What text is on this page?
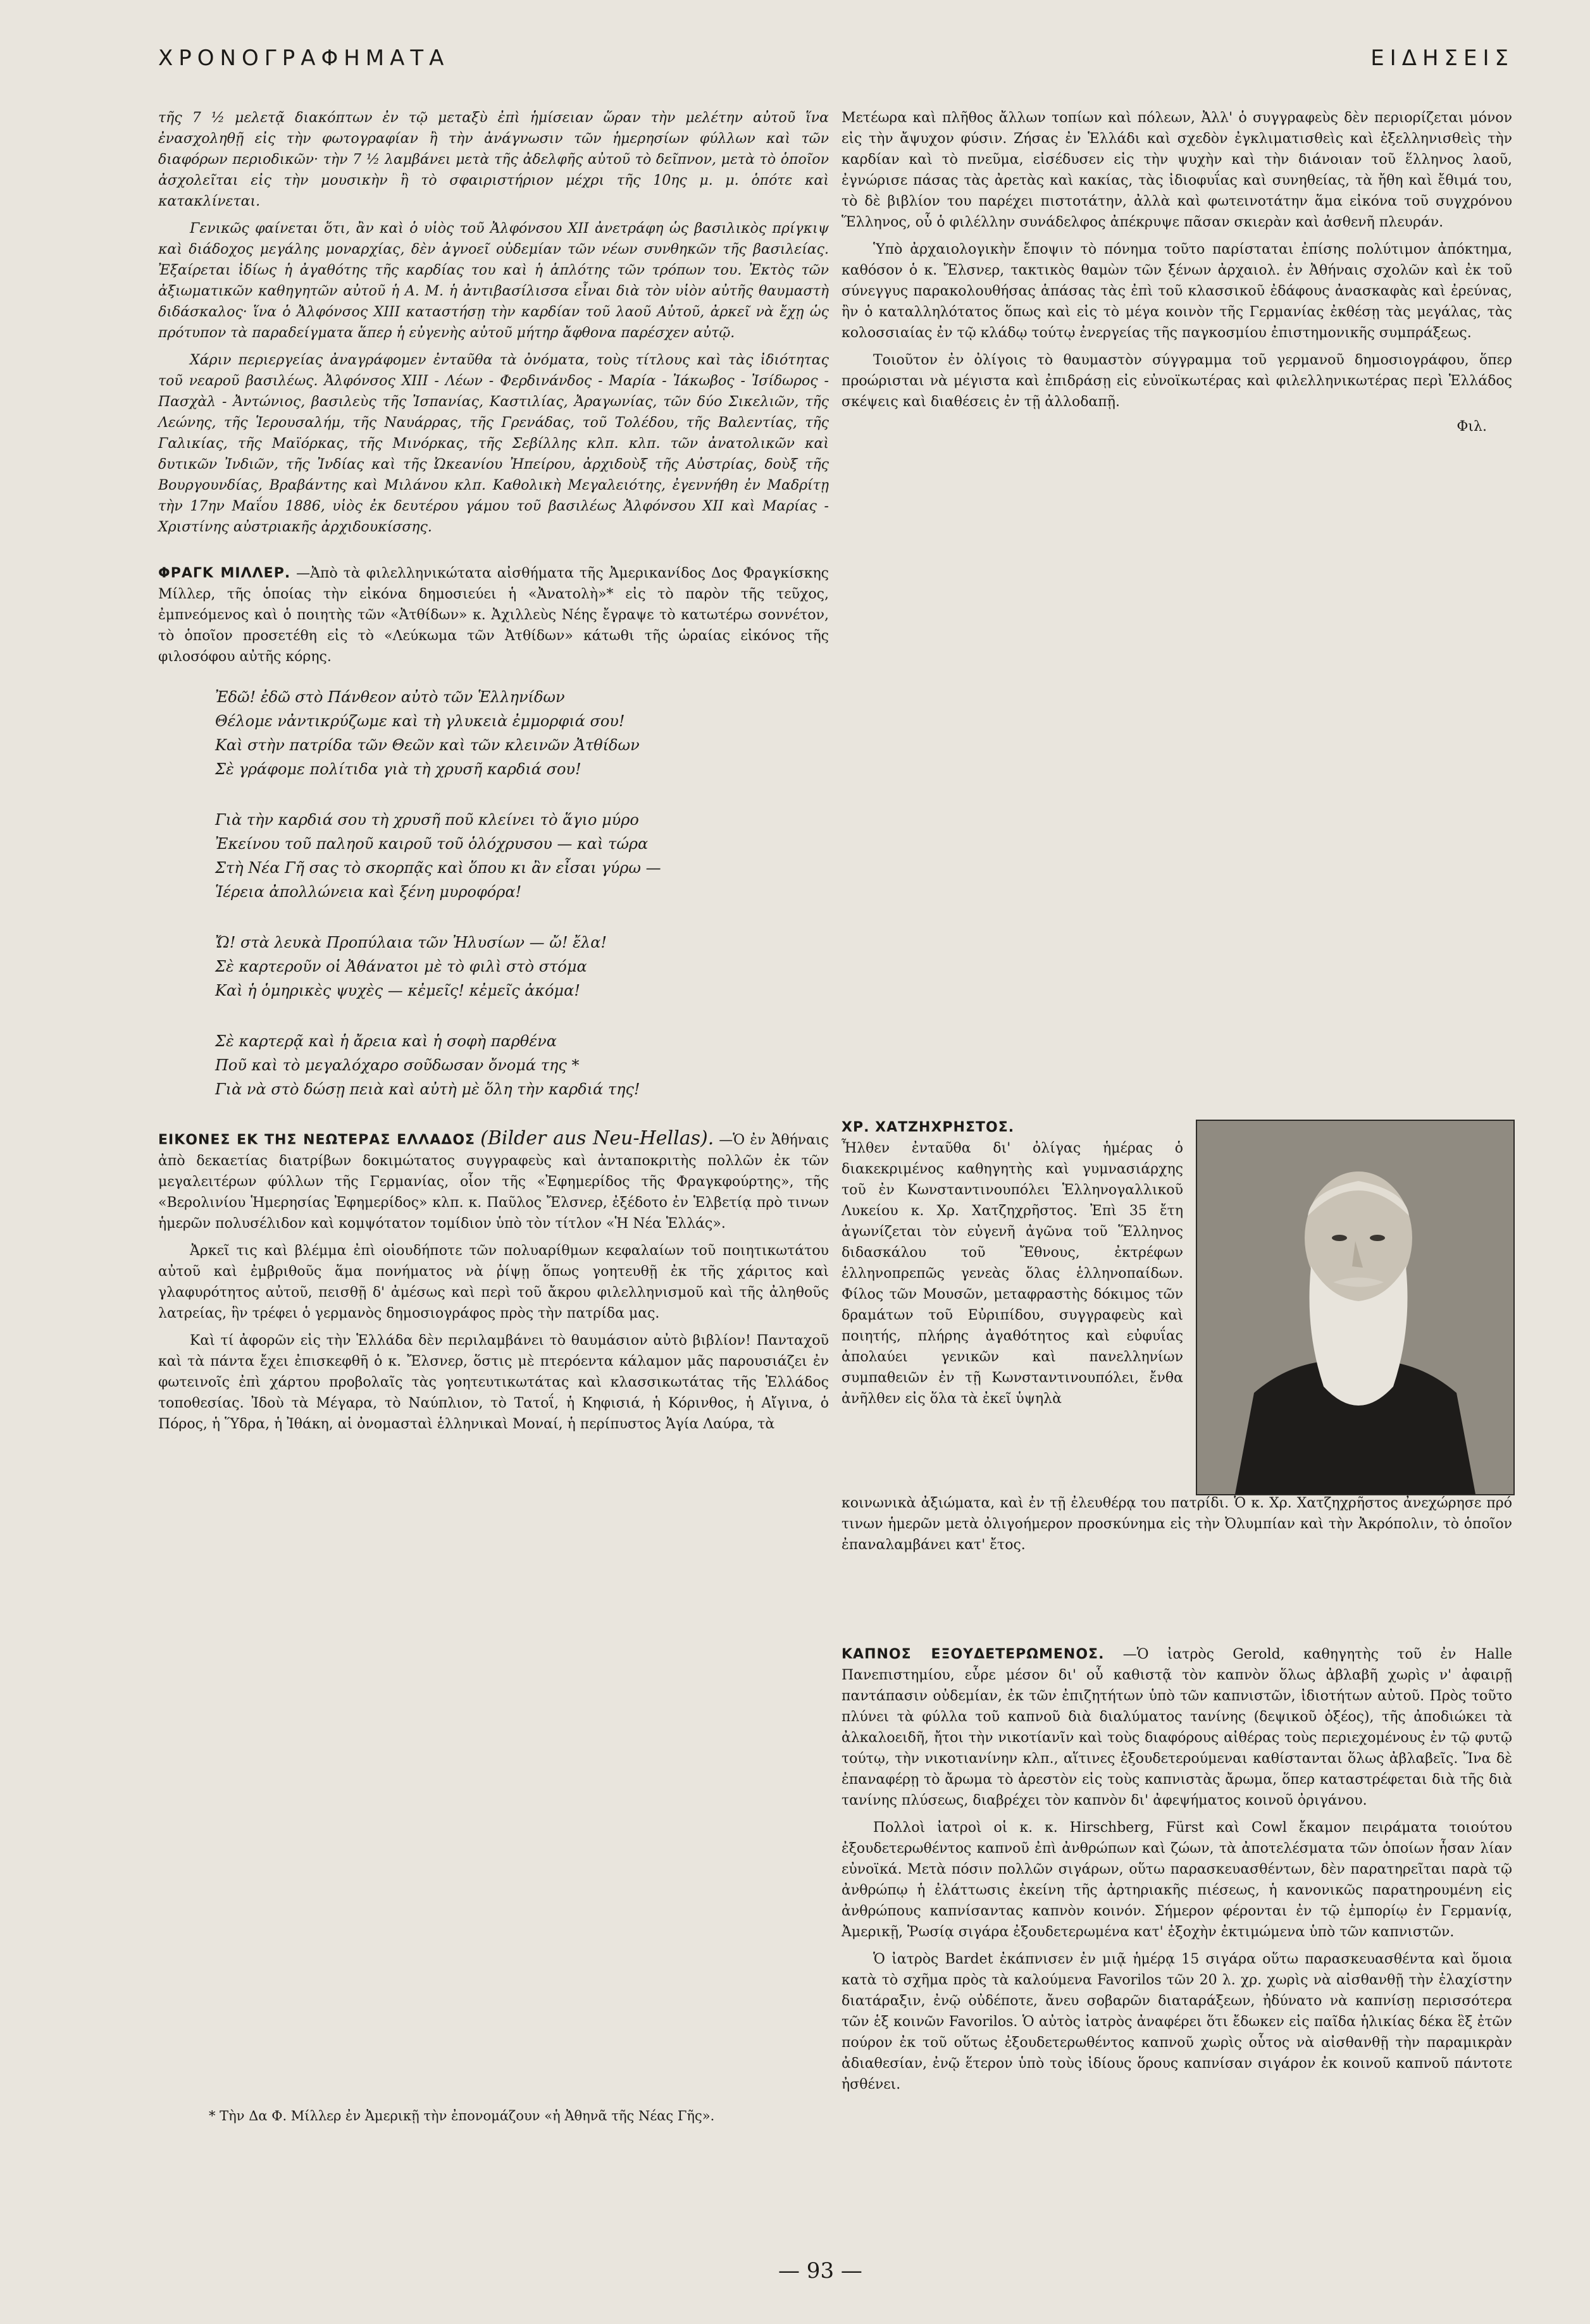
ΧΡΟΝΟΓΡΑΦΗΜΑΤΑ	ΕΙΔΗΣΕΙΣ

τῆς 7 ½ μελετᾷ διακόπτων ἐν τῷ μεταξὺ ἐπὶ ἡμίσειαν ὥραν τὴν μελέτην αὐτοῦ ἵνα ἐνασχοληθῇ εἰς τὴν φωτογραφίαν ἢ τὴν ἀνάγνωσιν τῶν ἡμερησίων φύλλων καὶ τῶν διαφόρων περιοδικῶν· τὴν 7 ½ λαμβάνει μετὰ τῆς ἀδελφῆς αὐτοῦ τὸ δεῖπνον, μετὰ τὸ ὁποῖον ἀσχολεῖται εἰς τὴν μουσικὴν ἢ τὸ σφαιριστήριον μέχρι τῆς 10ης μ. μ. ὁπότε καὶ κατακλίνεται.

Γενικῶς φαίνεται ὅτι, ἂν καὶ ὁ υἱὸς τοῦ Ἀλφόνσου XII ἀνετράφη ὡς βασιλικὸς πρίγκιψ καὶ διάδοχος μεγάλης μοναρχίας, δὲν ἀγνοεῖ οὐδεμίαν τῶν νέων συνθηκῶν τῆς βασιλείας. Ἐξαίρεται ἰδίως ἡ ἀγαθότης τῆς καρδίας του καὶ ἡ ἁπλότης τῶν τρόπων του. Ἐκτὸς τῶν ἀξιωματικῶν καθηγητῶν αὐτοῦ ἡ Α. Μ. ἡ ἀντιβασίλισσα εἶναι διὰ τὸν υἱὸν αὐτῆς θαυμαστὴ διδάσκαλος· ἵνα ὁ Ἀλφόνσος XIII καταστήσῃ τὴν καρδίαν τοῦ λαοῦ Αὐτοῦ, ἀρκεῖ νὰ ἔχῃ ὡς πρότυπον τὰ παραδείγματα ἅπερ ἡ εὐγενὴς αὐτοῦ μήτηρ ἄφθονα παρέσχεν αὐτῷ.

Χάριν περιεργείας ἀναγράφομεν ἐνταῦθα τὰ ὀνόματα, τοὺς τίτλους καὶ τὰς ἰδιότητας τοῦ νεαροῦ βασιλέως. Ἀλφόνσος XIII - Λέων - Φερδινάνδος - Μαρία - Ἰάκωβος - Ἰσίδωρος - Πασχὰλ - Ἀντώνιος, βασιλεὺς τῆς Ἰσπανίας, Καστιλίας, Ἀραγωνίας, τῶν δύο Σικελιῶν, τῆς Λεώνης, τῆς Ἱερουσαλήμ, τῆς Ναυάρρας, τῆς Γρενάδας, τοῦ Τολέδου, τῆς Βαλεντίας, τῆς Γαλικίας, τῆς Μαϊόρκας, τῆς Μινόρκας, τῆς Σεβίλλης κλπ. κλπ. τῶν ἀνατολικῶν καὶ δυτικῶν Ἰνδιῶν, τῆς Ἰνδίας καὶ τῆς Ὠκεανίου Ἠπείρου, ἀρχιδοὺξ τῆς Αὐστρίας, δοὺξ τῆς Βουργουνδίας, Βραβάντης καὶ Μιλάνου κλπ. Καθολικὴ Μεγαλειότης, ἐγεννήθη ἐν Μαδρίτῃ τὴν 17ην Μαΐου 1886, υἱὸς ἐκ δευτέρου γάμου τοῦ βασιλέως Ἀλφόνσου XII καὶ Μαρίας - Χριστίνης αὐστριακῆς ἀρχιδουκίσσης.

ΦΡΑΓΚ ΜΙΛΛΕΡ. —Ἀπὸ τὰ φιλελληνικώτατα αἰσθήματα τῆς Ἀμερικανίδος Δος Φραγκίσκης Μίλλερ, τῆς ὁποίας τὴν εἰκόνα δημοσιεύει ἡ «Ἀνατολὴ»* εἰς τὸ παρὸν τῆς τεῦχος, ἐμπνεόμενος καὶ ὁ ποιητὴς τῶν «Ἀτθίδων» κ. Ἀχιλλεὺς Νέης ἔγραψε τὸ κατωτέρω σοννέτον, τὸ ὁποῖον προσετέθη εἰς τὸ «Λεύκωμα τῶν Ἀτθίδων» κάτωθι τῆς ὡραίας εἰκόνος τῆς φιλοσόφου αὐτῆς κόρης.

Ἐδῶ! ἐδῶ στὸ Πάνθεον αὐτὸ τῶν Ἑλληνίδων
Θέλομε νἀντικρύζωμε καὶ τὴ γλυκειὰ ἐμμορφιά σου!
Καὶ στὴν πατρίδα τῶν Θεῶν καὶ τῶν κλεινῶν Ἀτθίδων
Σὲ γράφομε πολίτιδα γιὰ τὴ χρυσῆ καρδιά σου!
Γιὰ τὴν καρδιά σου τὴ χρυσῆ ποῦ κλείνει τὸ ἅγιο μύρο
Ἐκείνου τοῦ παληοῦ καιροῦ τοῦ ὁλόχρυσου — καὶ τώρα
Στὴ Νέα Γῆ σας τὸ σκορπᾷς καὶ ὅπου κι ἂν εἶσαι γύρω —
Ἱέρεια ἀπολλώνεια καὶ ξένη μυροφόρα!
Ὤ! στὰ λευκὰ Προπύλαια τῶν Ἠλυσίων — ὤ! ἔλα!
Σὲ καρτεροῦν οἱ Ἀθάνατοι μὲ τὸ φιλὶ στὸ στόμα
Καὶ ἡ ὁμηρικὲς ψυχὲς — κἐμεῖς! κἐμεῖς ἀκόμα!
Σὲ καρτερᾷ καὶ ἡ ἄρεια καὶ ἡ σοφὴ παρθένα
Ποῦ καὶ τὸ μεγαλόχαρο σοῦδωσαν ὄνομά της *
Γιὰ νὰ στὸ δώσῃ πειὰ καὶ αὐτὴ μὲ ὅλη τὴν καρδιά της!

ΕΙΚΟΝΕΣ ΕΚ ΤΗΣ ΝΕΩΤΕΡΑΣ ΕΛΛΑΔΟΣ (Bilder aus Neu-Hellas). —Ὁ ἐν Ἀθήναις ἀπὸ δεκαετίας διατρίβων δοκιμώτατος συγγραφεὺς καὶ ἀνταποκριτὴς πολλῶν ἐκ τῶν μεγαλειτέρων φύλλων τῆς Γερμανίας, οἷον τῆς «Ἐφημερίδος τῆς Φραγκφούρτης», τῆς «Βερολινίου Ἡμερησίας Ἐφημερίδος» κλπ. κ. Παῦλος Ἔλσνερ, ἐξέδοτο ἐν Ἑλβετίᾳ πρὸ τινων ἡμερῶν πολυσέλιδον καὶ κομψότατον τομίδιον ὑπὸ τὸν τίτλον «Ἡ Νέα Ἑλλάς».

Ἀρκεῖ τις καὶ βλέμμα ἐπὶ οἱουδήποτε τῶν πολυαρίθμων κεφαλαίων τοῦ ποιητικωτάτου αὐτοῦ καὶ ἐμβριθοῦς ἅμα πονήματος νὰ ῥίψῃ ὅπως γοητευθῇ ἐκ τῆς χάριτος καὶ γλαφυρότητος αὐτοῦ, πεισθῇ δ' ἀμέσως καὶ περὶ τοῦ ἄκρου φιλελληνισμοῦ καὶ τῆς ἀληθοῦς λατρείας, ἣν τρέφει ὁ γερμανὸς δημοσιογράφος πρὸς τὴν πατρίδα μας.

Καὶ τί ἀφορῶν εἰς τὴν Ἑλλάδα δὲν περιλαμβάνει τὸ θαυμάσιον αὐτὸ βιβλίον! Πανταχοῦ καὶ τὰ πάντα ἔχει ἐπισκεφθῆ ὁ κ. Ἔλσνερ, ὅστις μὲ πτερόεντα κάλαμον μᾶς παρουσιάζει ἐν φωτεινοῖς ἐπὶ χάρτου προβολαῖς τὰς γοητευτικωτάτας καὶ κλασσικωτάτας τῆς Ἑλλάδος τοποθεσίας. Ἰδοὺ τὰ Μέγαρα, τὸ Ναύπλιον, τὸ Τατοΐ, ἡ Κηφισιά, ἡ Κόρινθος, ἡ Αἴγινα, ὁ Πόρος, ἡ Ὕδρα, ἡ Ἰθάκη, αἱ ὀνομασταὶ ἑλληνικαὶ Μοναί, ἡ περίπυστος Ἁγία Λαύρα, τὰ

Μετέωρα καὶ πλῆθος ἄλλων τοπίων καὶ πόλεων, Ἀλλ' ὁ συγγραφεὺς δὲν περιορίζεται μόνον εἰς τὴν ἄψυχον φύσιν. Ζήσας ἐν Ἑλλάδι καὶ σχεδὸν ἐγκλιματισθεὶς καὶ ἐξελληνισθεὶς τὴν καρδίαν καὶ τὸ πνεῦμα, εἰσέδυσεν εἰς τὴν ψυχὴν καὶ τὴν διάνοιαν τοῦ ἕλληνος λαοῦ, ἐγνώρισε πάσας τὰς ἀρετὰς καὶ κακίας, τὰς ἰδιοφυΐας καὶ συνηθείας, τὰ ἤθη καὶ ἔθιμά του, τὸ δὲ βιβλίον του παρέχει πιστοτάτην, ἀλλὰ καὶ φωτεινοτάτην ἅμα εἰκόνα τοῦ συγχρόνου Ἕλληνος, οὗ ὁ φιλέλλην συνάδελφος ἀπέκρυψε πᾶσαν σκιερὰν καὶ ἀσθενῆ πλευράν.

Ὑπὸ ἀρχαιολογικὴν ἔποψιν τὸ πόνημα τοῦτο παρίσταται ἐπίσης πολύτιμον ἀπόκτημα, καθόσον ὁ κ. Ἔλσνερ, τακτικὸς θαμὼν τῶν ξένων ἀρχαιολ. ἐν Ἀθήναις σχολῶν καὶ ἐκ τοῦ σύνεγγυς παρακολουθήσας ἁπάσας τὰς ἐπὶ τοῦ κλασσικοῦ ἐδάφους ἀνασκαφὰς καὶ ἐρεύνας, ἢν ὁ καταλληλότατος ὅπως καὶ εἰς τὸ μέγα κοινὸν τῆς Γερμανίας ἐκθέσῃ τὰς μεγάλας, τὰς κολοσσιαίας ἐν τῷ κλάδῳ τούτῳ ἐνεργείας τῆς παγκοσμίου ἐπιστημονικῆς συμπράξεως.

Τοιοῦτον ἐν ὀλίγοις τὸ θαυμαστὸν σύγγραμμα τοῦ γερμανοῦ δημοσιογράφου, ὅπερ προώρισται νὰ μέγιστα καὶ ἐπιδράσῃ εἰς εὐνοϊκωτέρας καὶ φιλελληνικωτέρας περὶ Ἑλλάδος σκέψεις καὶ διαθέσεις ἐν τῇ ἀλλοδαπῇ.

Φιλ.
ΧΡ. ΧΑΤΖΗΧΡΗΣΤΟΣ.

Ἦλθεν ἐνταῦθα δι' ὀλίγας ἡμέρας ὁ διακεκριμένος καθηγητὴς καὶ γυμνασιάρχης τοῦ ἐν Κωνσταντινουπόλει Ἑλληνογαλλικοῦ Λυκείου κ. Χρ. Χατζηχρῆστος. Ἐπὶ 35 ἔτη ἀγωνίζεται τὸν εὐγενῆ ἀγῶνα τοῦ Ἕλληνος διδασκάλου τοῦ Ἔθνους, ἐκτρέφων ἑλληνοπρεπῶς γενεὰς ὅλας ἑλληνοπαίδων. Φίλος τῶν Μουσῶν, μεταφραστὴς δόκιμος τῶν δραμάτων τοῦ Εὐριπίδου, συγγραφεὺς καὶ ποιητής, πλήρης ἀγαθότητος καὶ εὐφυΐας ἀπολαύει γενικῶν καὶ πανελληνίων συμπαθειῶν ἐν τῇ Κωνσταντινουπόλει, ἔνθα ἀνῆλθεν εἰς ὅλα τὰ ἐκεῖ ὑψηλὰ

κοινωνικὰ ἀξιώματα, καὶ ἐν τῇ ἐλευθέρᾳ του πατρίδι. Ὁ κ. Χρ. Χατζηχρῆστος ἀνεχώρησε πρό τινων ἡμερῶν μετὰ ὀλιγοήμερον προσκύνημα εἰς τὴν Ὀλυμπίαν καὶ τὴν Ἀκρόπολιν, τὸ ὁποῖον ἐπαναλαμβάνει κατ' ἔτος.

ΚΑΠΝΟΣ ΕΞΟΥΔΕΤΕΡΩΜΕΝΟΣ. —Ὁ ἰατρὸς Gerold, καθηγητὴς τοῦ ἐν Halle Πανεπιστημίου, εὗρε μέσον δι' οὗ καθιστᾷ τὸν καπνὸν ὅλως ἀβλαβῆ χωρὶς ν' ἀφαιρῇ παντάπασιν οὐδεμίαν, ἐκ τῶν ἐπιζητήτων ὑπὸ τῶν καπνιστῶν, ἰδιοτήτων αὐτοῦ. Πρὸς τοῦτο πλύνει τὰ φύλλα τοῦ καπνοῦ διὰ διαλύματος τανίνης (δεψικοῦ ὀξέος), τῆς ἀποδιώκει τὰ ἀλκαλοειδῆ, ἤτοι τὴν νικοτίανῖν καὶ τοὺς διαφόρους αἰθέρας τοὺς περιεχομένους ἐν τῷ φυτῷ τούτῳ, τὴν νικοτιανίνην κλπ., αἵτινες ἐξουδετερούμεναι καθίστανται ὅλως ἀβλαβεῖς. Ἵνα δὲ ἐπαναφέρῃ τὸ ἄρωμα τὸ ἀρεστὸν εἰς τοὺς καπνιστὰς ἄρωμα, ὅπερ καταστρέφεται διὰ τῆς διὰ τανίνης πλύσεως, διαβρέχει τὸν καπνὸν δι' ἀφεψήματος κοινοῦ ὀριγάνου.

Πολλοὶ ἰατροὶ οἱ κ. κ. Hirschberg, Fürst καὶ Cowl ἔκαμον πειράματα τοιούτου ἐξουδετερωθέντος καπνοῦ ἐπὶ ἀνθρώπων καὶ ζώων, τὰ ἀποτελέσματα τῶν ὁποίων ἦσαν λίαν εὐνοϊκά. Μετὰ πόσιν πολλῶν σιγάρων, οὕτω παρασκευασθέντων, δὲν παρατηρεῖται παρὰ τῷ ἀνθρώπῳ ἡ ἐλάττωσις ἐκείνη τῆς ἀρτηριακῆς πιέσεως, ἡ κανονικῶς παρατηρουμένη εἰς ἀνθρώπους καπνίσαντας καπνὸν κοινόν. Σήμερον φέρονται ἐν τῷ ἐμπορίῳ ἐν Γερμανίᾳ, Ἀμερικῇ, Ῥωσίᾳ σιγάρα ἐξουδετερωμένα κατ' ἐξοχὴν ἐκτιμώμενα ὑπὸ τῶν καπνιστῶν.

Ὁ ἰατρὸς Bardet ἐκάπνισεν ἐν μιᾷ ἡμέρᾳ 15 σιγάρα οὕτω παρασκευασθέντα καὶ ὅμοια κατὰ τὸ σχῆμα πρὸς τὰ καλούμενα Favorilos τῶν 20 λ. χρ. χωρὶς νὰ αἰσθανθῇ τὴν ἐλαχίστην διατάραξιν, ἐνῷ οὐδέποτε, ἄνευ σοβαρῶν διαταράξεων, ἠδύνατο νὰ καπνίσῃ περισσότερα τῶν ἑξ κοινῶν Favorilos. Ὁ αὐτὸς ἰατρὸς ἀναφέρει ὅτι ἔδωκεν εἰς παῖδα ἡλικίας δέκα ἓξ ἐτῶν πούρον ἐκ τοῦ οὕτως ἐξουδετερωθέντος καπνοῦ χωρὶς οὗτος νὰ αἰσθανθῇ τὴν παραμικρὰν ἀδιαθεσίαν, ἐνῷ ἕτερον ὑπὸ τοὺς ἰδίους ὅρους καπνίσαν σιγάρον ἐκ κοινοῦ καπνοῦ πάντοτε ἠσθένει.

* Τὴν Δα Φ. Μίλλερ ἐν Ἀμερικῇ τὴν ἐπονομάζουν «ἡ Ἀθηνᾶ τῆς Νέας Γῆς».
— 93 —
